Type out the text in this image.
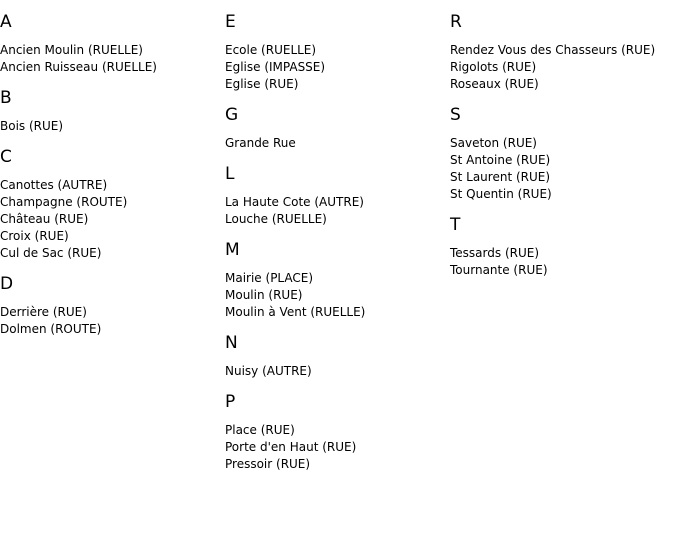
A
Ancien Moulin (RUELLE)
Ancien Ruisseau (RUELLE)
B
Bois (RUE)
C
Canottes (AUTRE)
Champagne (ROUTE)
Château (RUE)
Croix (RUE)
Cul de Sac (RUE)
D
Derrière (RUE)
Dolmen (ROUTE)
E
Ecole (RUELLE)
Eglise (IMPASSE)
Eglise (RUE)
G
Grande Rue
L
La Haute Cote (AUTRE)
Louche (RUELLE)
M
Mairie (PLACE)
Moulin (RUE)
Moulin à Vent (RUELLE)
N
Nuisy (AUTRE)
P
Place (RUE)
Porte d'en Haut (RUE)
Pressoir (RUE)
R
Rendez Vous des Chasseurs (RUE)
Rigolots (RUE)
Roseaux (RUE)
S
Saveton (RUE)
St Antoine (RUE)
St Laurent (RUE)
St Quentin (RUE)
T
Tessards (RUE)
Tournante (RUE)
